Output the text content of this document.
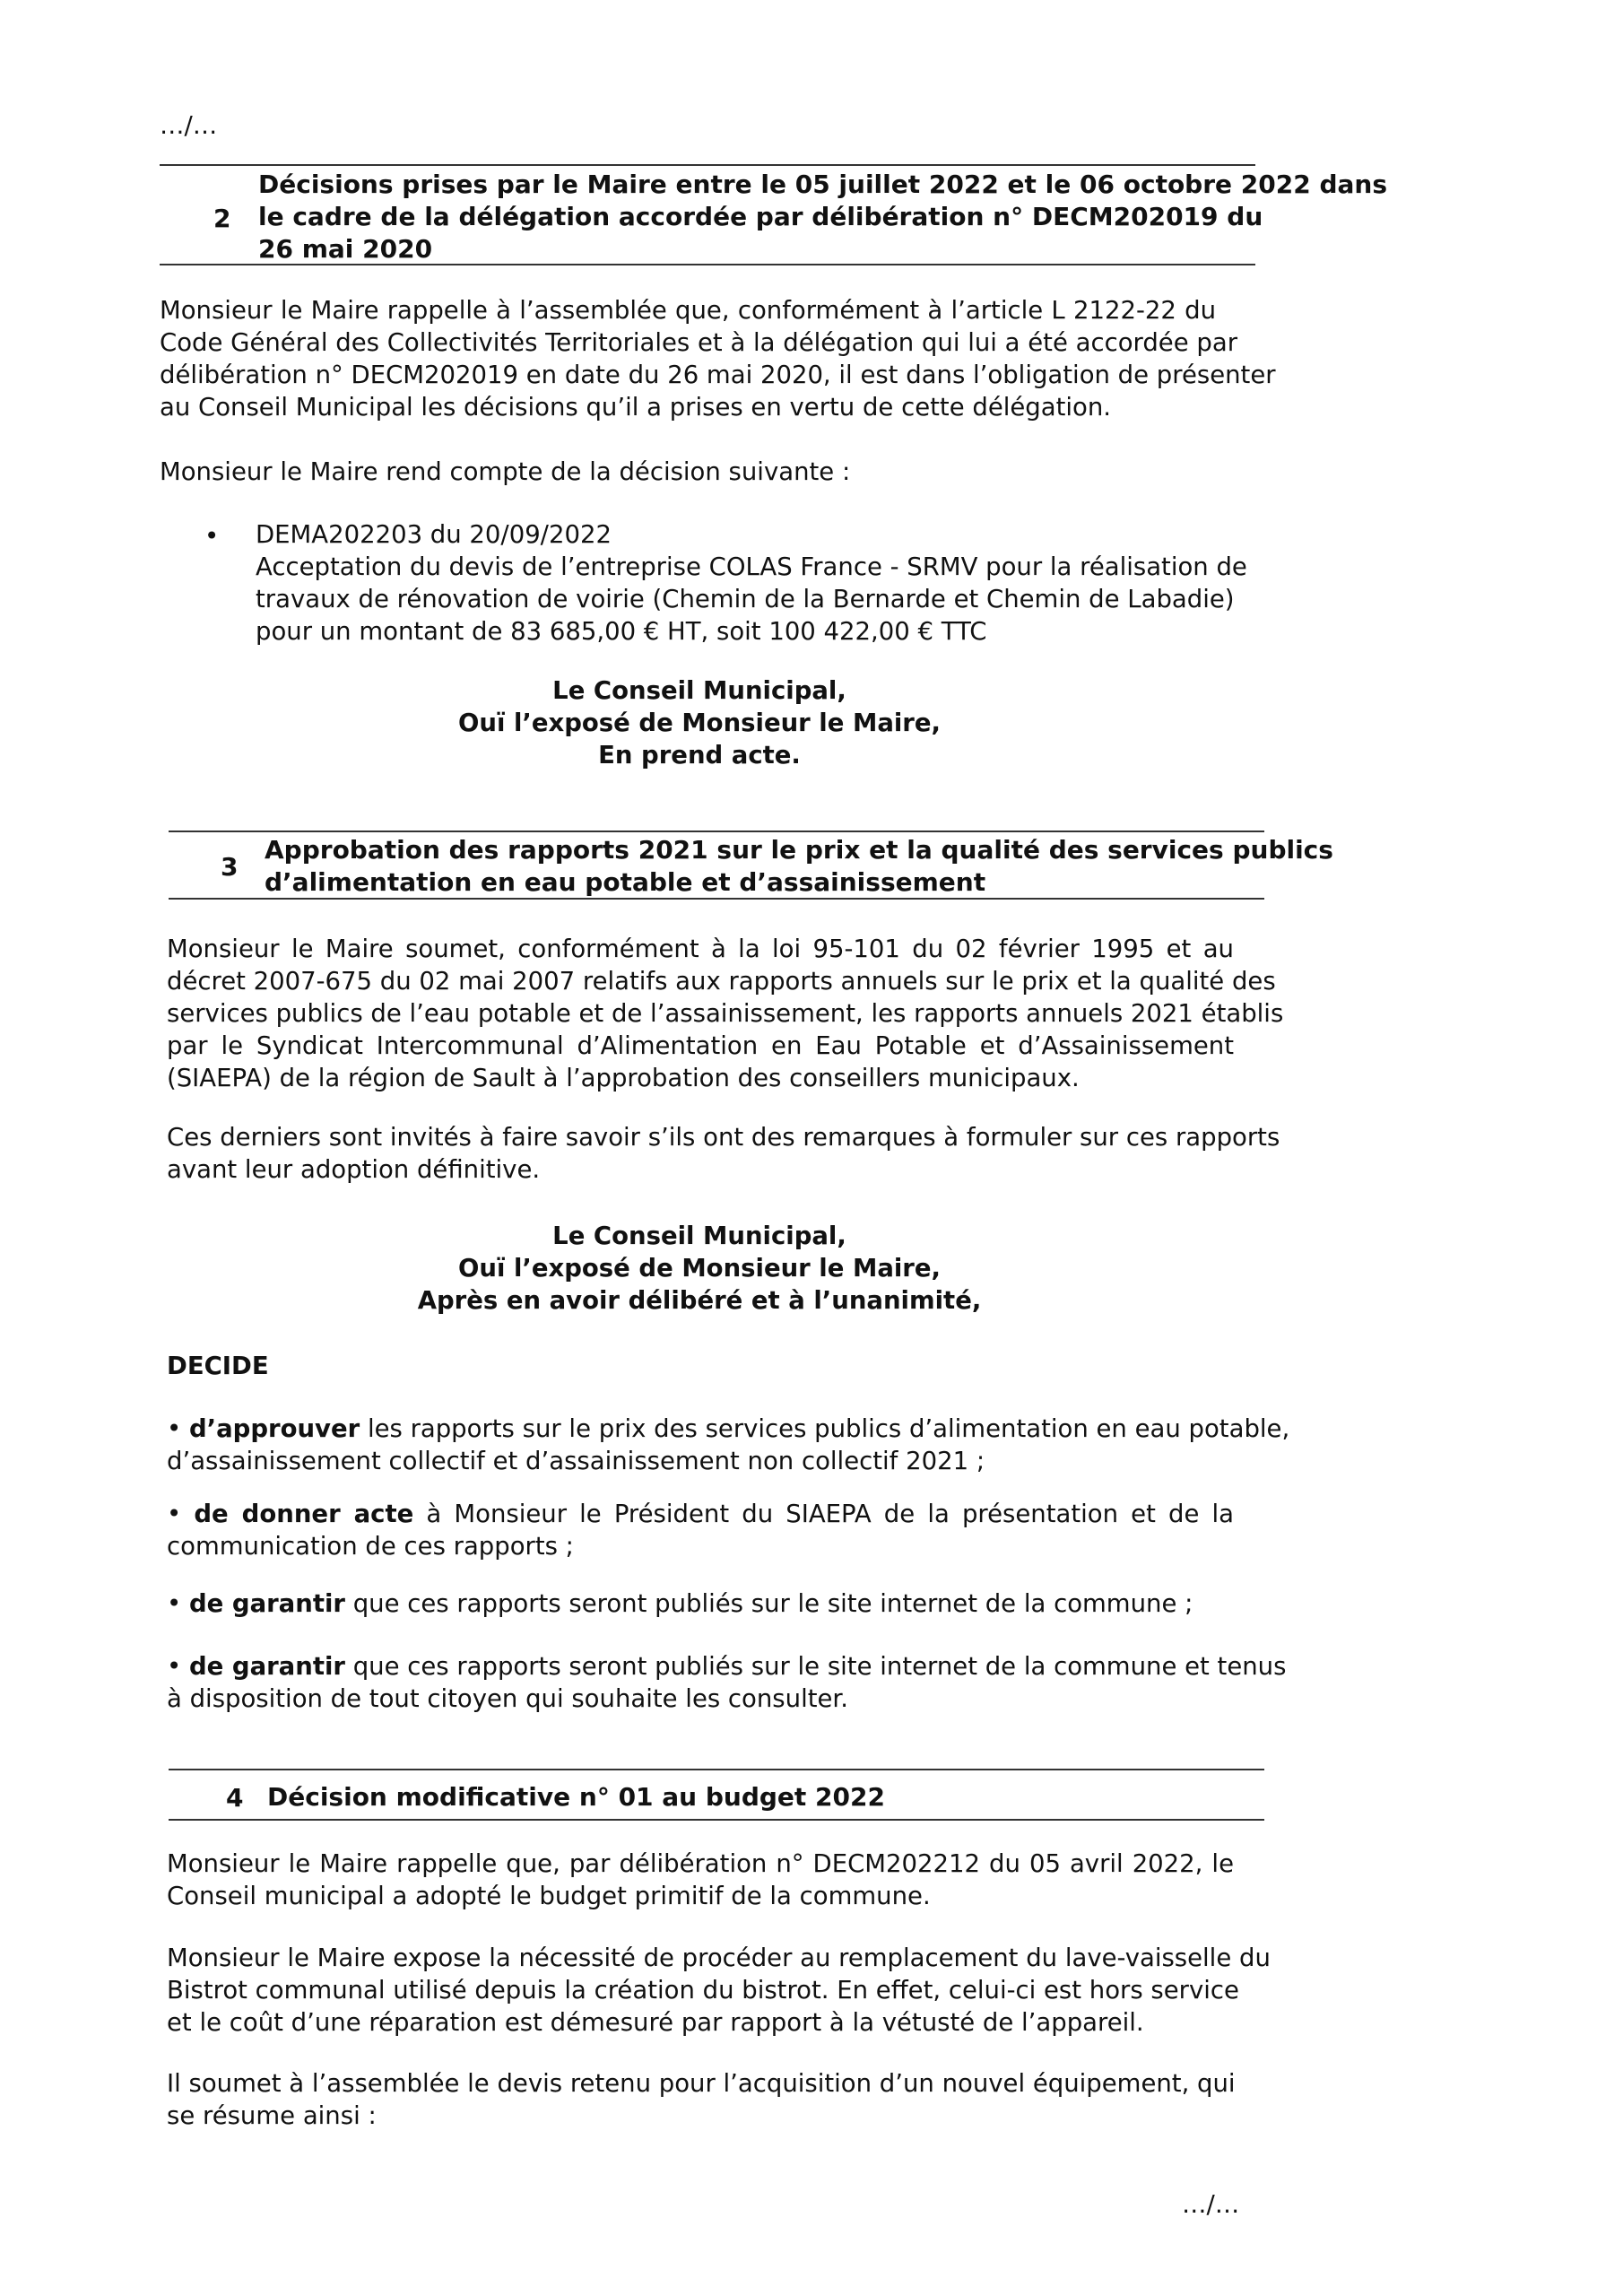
…/…
2
Décisions prises par le Maire entre le 05 juillet 2022 et le 06 octobre 2022 dans
le cadre de la délégation accordée par délibération n° DECM202019 du
26 mai 2020
Monsieur le Maire rappelle à l’assemblée que, conformément à l’article L 2122-22 du
Code Général des Collectivités Territoriales et à la délégation qui lui a été accordée par
délibération n° DECM202019 en date du 26 mai 2020, il est dans l’obligation de présenter
au Conseil Municipal les décisions qu’il a prises en vertu de cette délégation.
Monsieur le Maire rend compte de la décision suivante :
• DEMA202203 du 20/09/2022
Acceptation du devis de l’entreprise COLAS France - SRMV pour la réalisation de
travaux de rénovation de voirie (Chemin de la Bernarde et Chemin de Labadie)
pour un montant de 83 685,00 € HT, soit 100 422,00 € TTC
Le Conseil Municipal,
Ouï l’exposé de Monsieur le Maire,
En prend acte.
3
Approbation des rapports 2021 sur le prix et la qualité des services publics
d’alimentation en eau potable et d’assainissement
Monsieur le Maire soumet, conformément à la loi 95-101 du 02 février 1995 et au
décret 2007-675 du 02 mai 2007 relatifs aux rapports annuels sur le prix et la qualité des
services publics de l’eau potable et de l’assainissement, les rapports annuels 2021 établis
par le Syndicat Intercommunal d’Alimentation en Eau Potable et d’Assainissement
(SIAEPA) de la région de Sault à l’approbation des conseillers municipaux.
Ces derniers sont invités à faire savoir s’ils ont des remarques à formuler sur ces rapports
avant leur adoption définitive.
Le Conseil Municipal,
Ouï l’exposé de Monsieur le Maire,
Après en avoir délibéré et à l’unanimité,
DECIDE
• d’approuver les rapports sur le prix des services publics d’alimentation en eau potable,
d’assainissement collectif et d’assainissement non collectif 2021 ;
• de donner acte à Monsieur le Président du SIAEPA de la présentation et de la
communication de ces rapports ;
• de garantir que ces rapports seront publiés sur le site internet de la commune ;
• de garantir que ces rapports seront publiés sur le site internet de la commune et tenus
à disposition de tout citoyen qui souhaite les consulter.
4 Décision modificative n° 01 au budget 2022
Monsieur le Maire rappelle que, par délibération n° DECM202212 du 05 avril 2022, le
Conseil municipal a adopté le budget primitif de la commune.
Monsieur le Maire expose la nécessité de procéder au remplacement du lave-vaisselle du
Bistrot communal utilisé depuis la création du bistrot. En effet, celui-ci est hors service
et le coût d’une réparation est démesuré par rapport à la vétusté de l’appareil.
Il soumet à l’assemblée le devis retenu pour l’acquisition d’un nouvel équipement, qui
se résume ainsi :
…/…
